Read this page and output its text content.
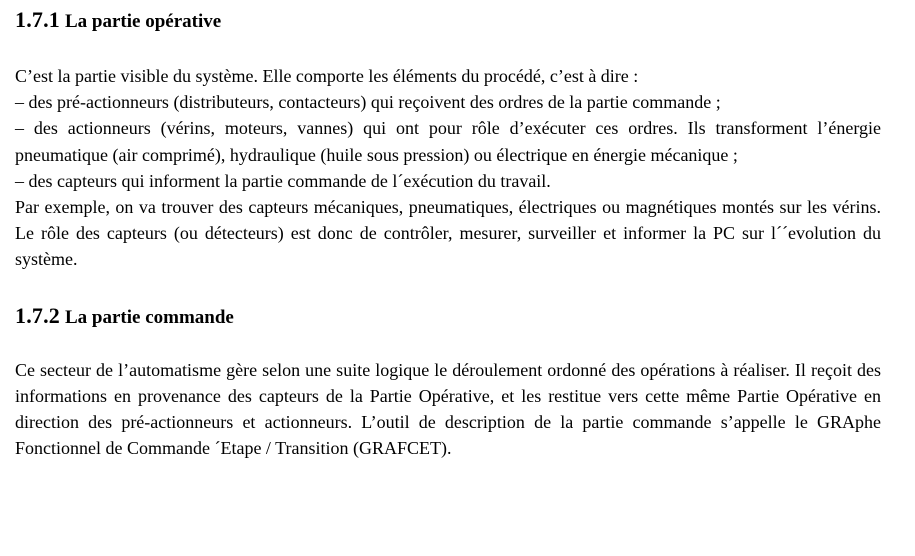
1.7.1 La partie opérative
C’est la partie visible du système. Elle comporte les éléments du procédé, c’est à dire :
– des pré-actionneurs (distributeurs, contacteurs) qui reçoivent des ordres de la partie commande ;
– des actionneurs (vérins, moteurs, vannes) qui ont pour rôle d’exécuter ces ordres. Ils transforment l’énergie pneumatique (air comprimé), hydraulique (huile sous pression) ou électrique en énergie mécanique ;
– des capteurs qui informent la partie commande de l´exécution du travail.
Par exemple, on va trouver des capteurs mécaniques, pneumatiques, électriques ou magnétiques montés sur les vérins. Le rôle des capteurs (ou détecteurs) est donc de contrôler, mesurer, surveiller et informer la PC sur l´´evolution du système.
1.7.2 La partie commande
Ce secteur de l’automatisme gère selon une suite logique le déroulement ordonné des opérations à réaliser. Il reçoit des informations en provenance des capteurs de la Partie Opérative, et les restitue vers cette même Partie Opérative en direction des pré-actionneurs et actionneurs. L’outil de description de la partie commande s’appelle le GRAphe Fonctionnel de Commande ´Etape / Transition (GRAFCET).
